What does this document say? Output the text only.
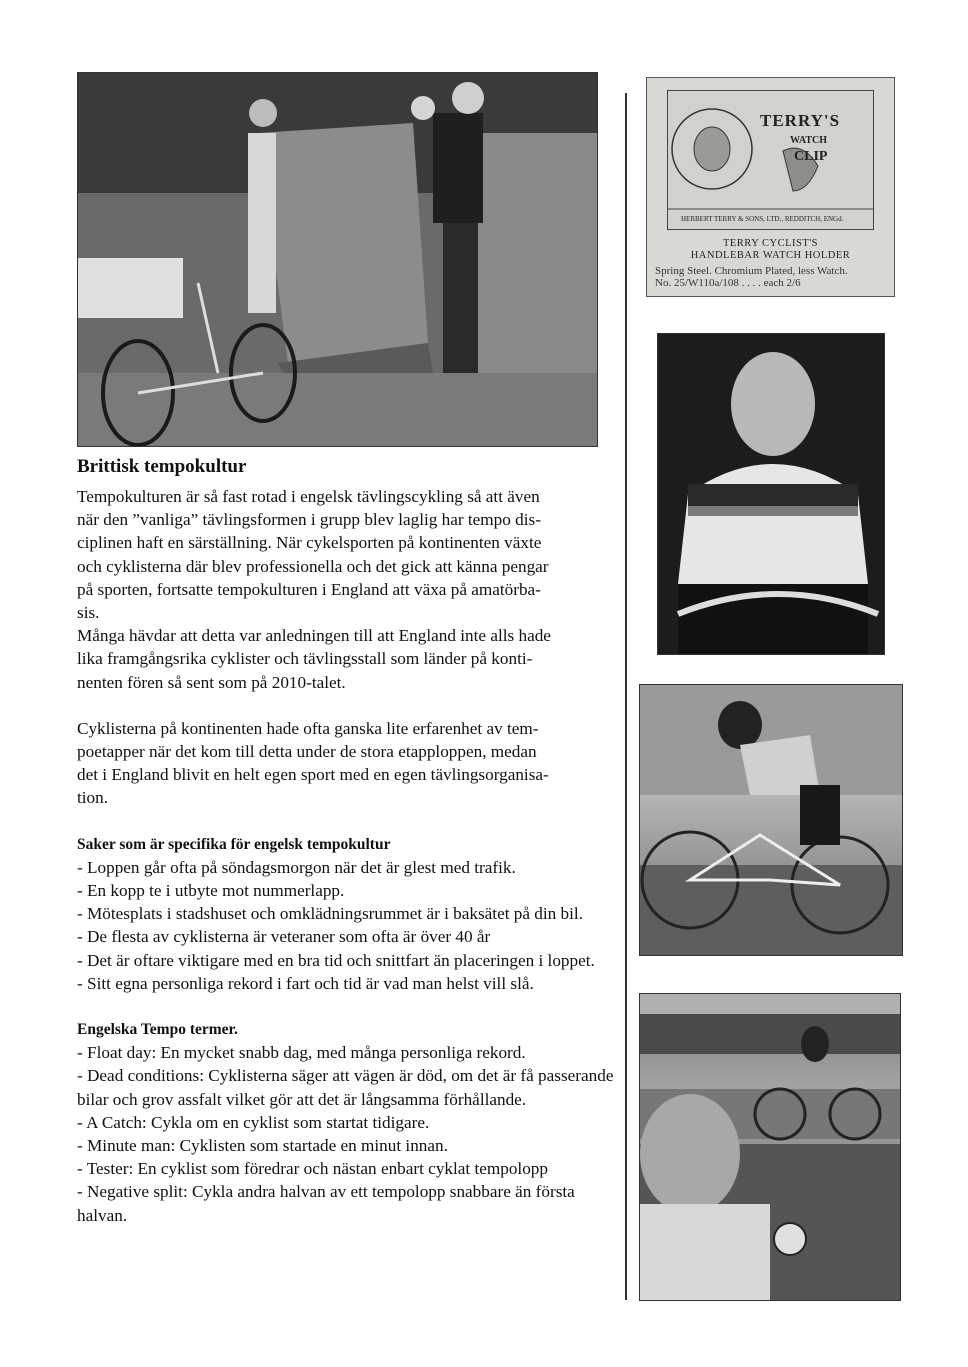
TERRY'S
WATCH
CLIP
HERBERT TERRY & SONS, LTD., REDDITCH, ENGd.
TERRY CYCLIST'S
HANDLEBAR WATCH HOLDER
Spring Steel. Chromium Plated, less Watch.
No. 25/W110a/108 . . . . each 2/6
Brittisk tempokultur

Tempokulturen är så fast rotad i engelsk tävlingscykling så att även
när den ”vanliga” tävlingsformen i grupp blev laglig har tempo dis-
ciplinen haft en särställning. När cykelsporten på kontinenten växte
och cyklisterna där blev professionella och det gick att känna pengar
på sporten, fortsatte tempokulturen i England att växa på amatörba-
sis.

Många hävdar att detta var anledningen till att England inte alls hade
lika framgångsrika cyklister och tävlingsstall som länder på konti-
nenten fören så sent som på 2010-talet.

Cyklisterna på kontinenten hade ofta ganska lite erfarenhet av tem-
poetapper när det kom till detta under de stora etapploppen, medan
det i England blivit en helt egen sport med en egen tävlingsorganisa-
tion.

Saker som är specifika för engelsk tempokultur
- Loppen går ofta på söndagsmorgon när det är glest med trafik.
- En kopp te i utbyte mot nummerlapp.
- Mötesplats i stadshuset och omklädningsrummet är i baksätet på din bil.
- De flesta av cyklisterna är veteraner som ofta är över 40 år
- Det är oftare viktigare med en bra tid och snittfart än placeringen i loppet.
- Sitt egna personliga rekord i fart och tid är vad man helst vill slå.
Engelska Tempo termer.
- Float day: En mycket snabb dag, med många personliga rekord.
- Dead conditions: Cyklisterna säger att vägen är död, om det är få passerande bilar och grov assfalt vilket gör att det är långsamma förhållande.
- A Catch: Cykla om en cyklist som startat tidigare.
- Minute man: Cyklisten som startade en minut innan.
- Tester: En cyklist som föredrar och nästan enbart cyklat tempolopp
- Negative split: Cykla andra halvan av ett tempolopp snabbare än första halvan.
